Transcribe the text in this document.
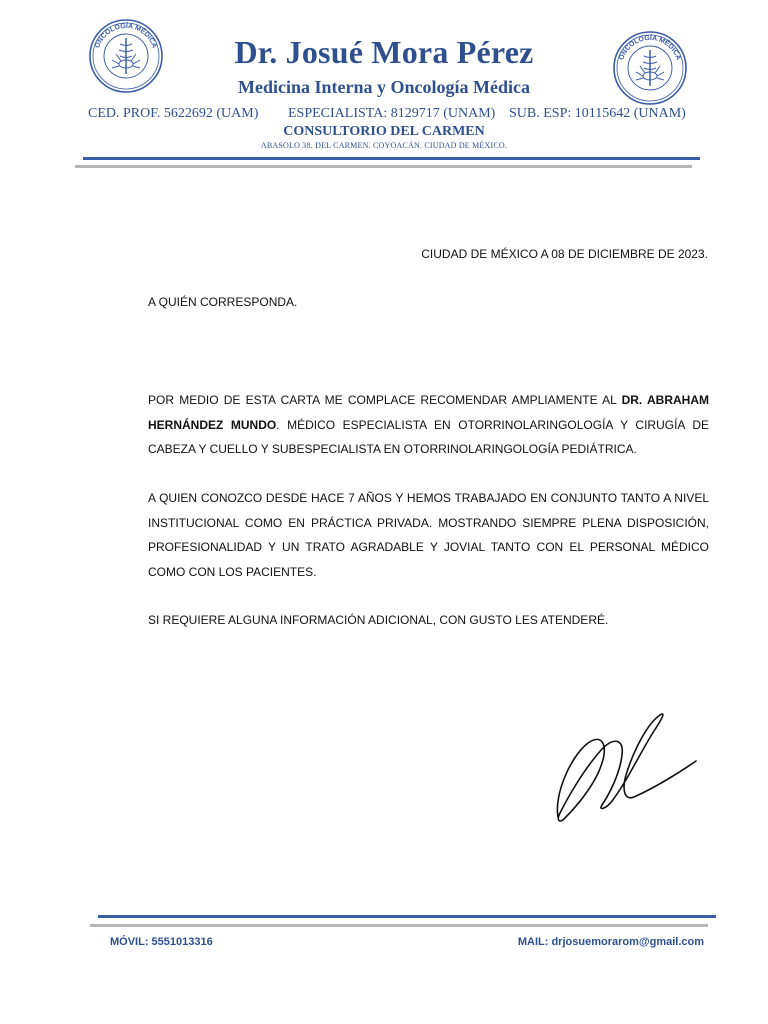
ONCOLOGÍA MÉDICA
ONCOLOGÍA MÉDICA
Dr. Josué Mora Pérez
Medicina Interna y Oncología Médica
CED. PROF. 5622692 (UAM) ESPECIALISTA: 8129717 (UNAM) SUB. ESP: 10115642 (UNAM)
CONSULTORIO DEL CARMEN
ABASOLO 38. DEL CARMEN. COYOACÁN. CIUDAD DE MÉXICO.
CIUDAD DE MÉXICO A 08 DE DICIEMBRE DE 2023.
A QUIÉN CORRESPONDA.

POR MEDIO DE ESTA CARTA ME COMPLACE RECOMENDAR AMPLIAMENTE AL DR. ABRAHAM HERNÁNDEZ MUNDO. MÉDICO ESPECIALISTA EN OTORRINOLARINGOLOGÍA Y CIRUGÍA DE CABEZA Y CUELLO Y SUBESPECIALISTA EN OTORRINOLARINGOLOGÍA PEDIÁTRICA.

A QUIEN CONOZCO DESDE HACE 7 AÑOS Y HEMOS TRABAJADO EN CONJUNTO TANTO A NIVEL INSTITUCIONAL COMO EN PRÁCTICA PRIVADA. MOSTRANDO SIEMPRE PLENA DISPOSICIÓN, PROFESIONALIDAD Y UN TRATO AGRADABLE Y JOVIAL TANTO CON EL PERSONAL MÉDICO COMO CON LOS PACIENTES.

SI REQUIERE ALGUNA INFORMACIÓN ADICIONAL, CON GUSTO LES ATENDERÉ.

MÓVIL: 5551013316	MAIL: drjosuemorarom@gmail.com
